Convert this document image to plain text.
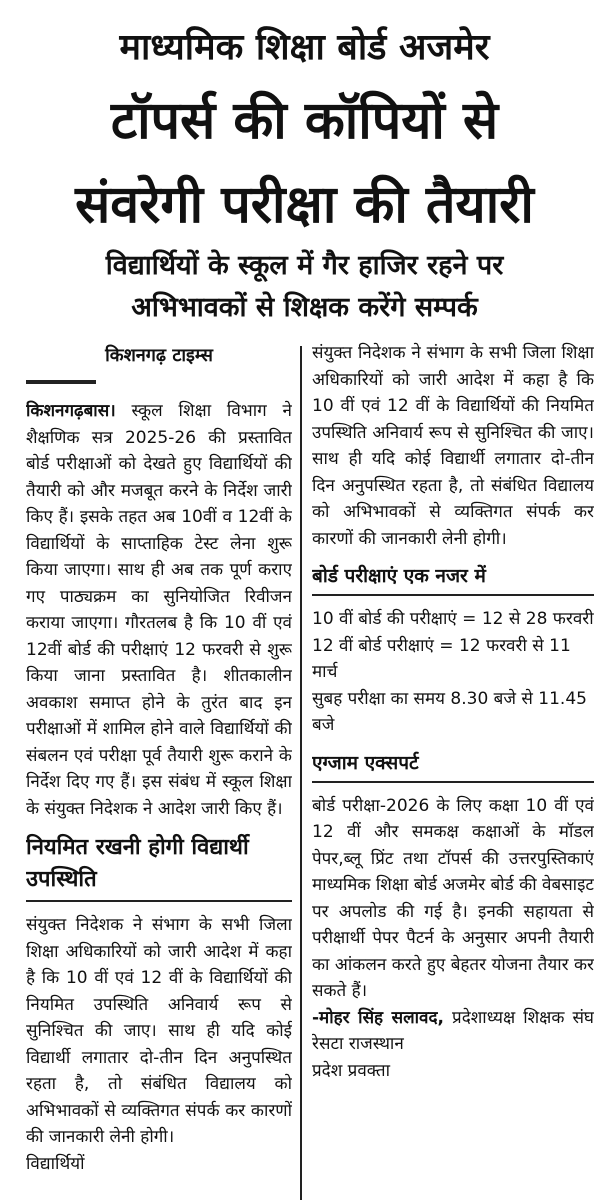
माध्यमिक शिक्षा बोर्ड अजमेर
टॉपर्स की कॉपियों से
संवरेगी परीक्षा की तैयारी
विद्यार्थियों के स्कूल में गैर हाजिर रहने पर
अभिभावकों से शिक्षक करेंगे सम्पर्क
किशनगढ़ टाइम्स

किशनगढ़बास। स्कूल शिक्षा विभाग ने शैक्षणिक सत्र 2025-26 की प्रस्तावित बोर्ड परीक्षाओं को देखते हुए विद्यार्थियों की तैयारी को और मजबूत करने के निर्देश जारी किए हैं। इसके तहत अब 10वीं व 12वीं के विद्यार्थियों के साप्ताहिक टेस्ट लेना शुरू किया जाएगा। साथ ही अब तक पूर्ण कराए गए पाठ्यक्रम का सुनियोजित रिवीजन कराया जाएगा। गौरतलब है कि 10 वीं एवं 12वीं बोर्ड की परीक्षाएं 12 फरवरी से शुरू किया जाना प्रस्तावित है। शीतकालीन अवकाश समाप्त होने के तुरंत बाद इन परीक्षाओं में शामिल होने वाले विद्यार्थियों की संबलन एवं परीक्षा पूर्व तैयारी शुरू कराने के निर्देश दिए गए हैं। इस संबंध में स्कूल शिक्षा के संयुक्त निदेशक ने आदेश जारी किए हैं।

नियमित रखनी होगी विद्यार्थी उपस्थिति

संयुक्त निदेशक ने संभाग के सभी जिला शिक्षा अधिकारियों को जारी आदेश में कहा है कि 10 वीं एवं 12 वीं के विद्यार्थियों की नियमित उपस्थिति अनिवार्य रूप से सुनिश्चित की जाए। साथ ही यदि कोई विद्यार्थी लगातार दो-तीन दिन अनुपस्थित रहता है, तो संबंधित विद्यालय को अभिभावकों से व्यक्तिगत संपर्क कर कारणों की जानकारी लेनी होगी।

विद्यार्थियों

संयुक्त निदेशक ने संभाग के सभी जिला शिक्षा अधिकारियों को जारी आदेश में कहा है कि 10 वीं एवं 12 वीं के विद्यार्थियों की नियमित उपस्थिति अनिवार्य रूप से सुनिश्चित की जाए। साथ ही यदि कोई विद्यार्थी लगातार दो-तीन दिन अनुपस्थित रहता है, तो संबंधित विद्यालय को अभिभावकों से व्यक्तिगत संपर्क कर कारणों की जानकारी लेनी होगी।

बोर्ड परीक्षाएं एक नजर में

10 वीं बोर्ड की परीक्षाएं = 12 से 28 फरवरी

12 वीं बोर्ड परीक्षाएं = 12 फरवरी से 11 मार्च

सुबह परीक्षा का समय 8.30 बजे से 11.45 बजे

एग्जाम एक्सपर्ट

बोर्ड परीक्षा-2026 के लिए कक्षा 10 वीं एवं 12 वीं और समकक्ष कक्षाओं के मॉडल पेपर,ब्लू प्रिंट तथा टॉपर्स की उत्तरपुस्तिकाएं माध्यमिक शिक्षा बोर्ड अजमेर बोर्ड की वेबसाइट पर अपलोड की गई है। इनकी सहायता से परीक्षार्थी पेपर पैटर्न के अनुसार अपनी तैयारी का आंकलन करते हुए बेहतर योजना तैयार कर सकते हैं।

-मोहर सिंह सलावद, प्रदेशाध्यक्ष शिक्षक संघ रेसटा राजस्थान

प्रदेश प्रवक्ता
